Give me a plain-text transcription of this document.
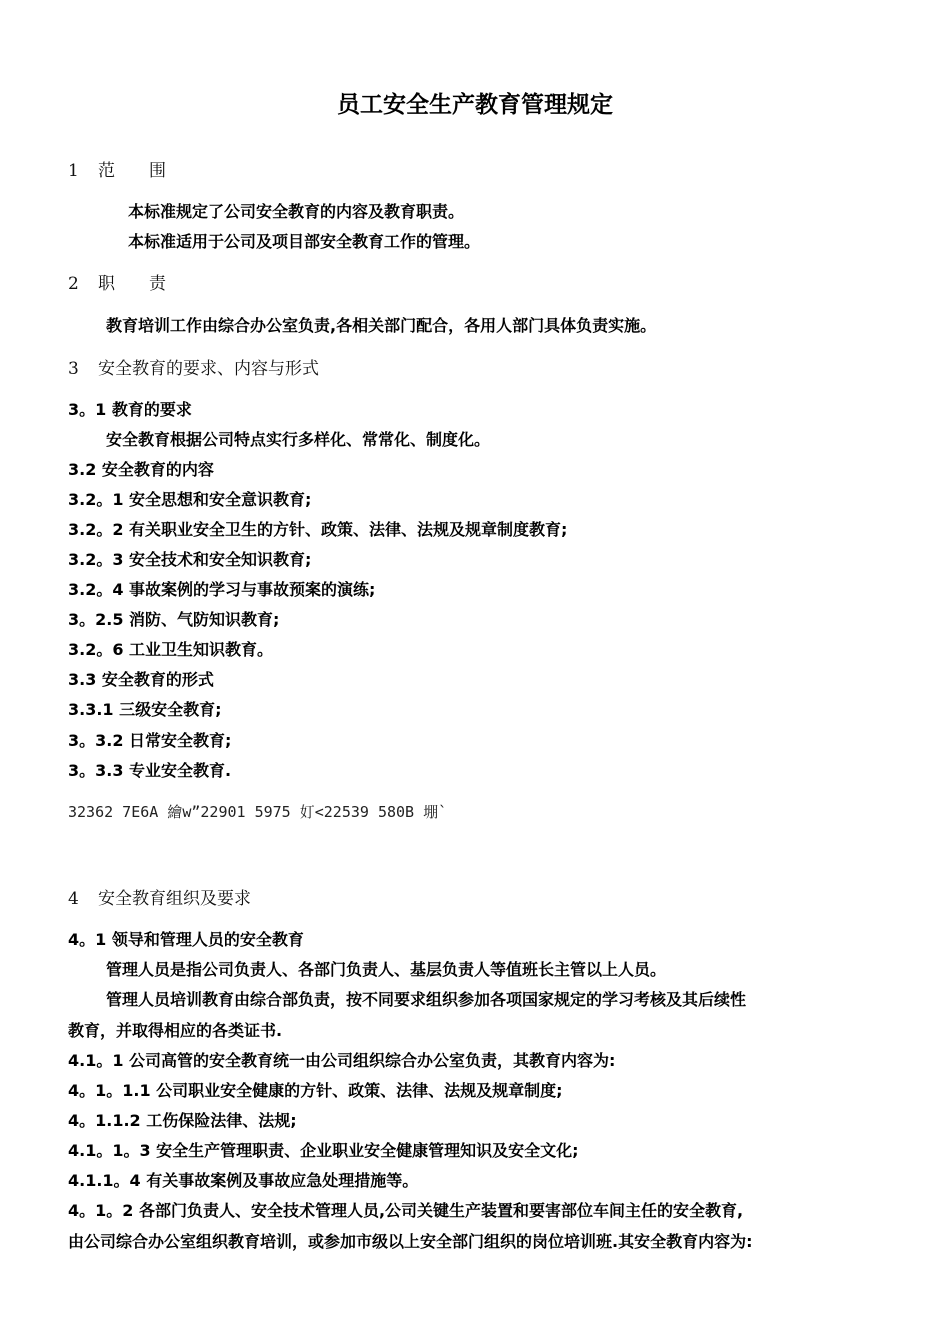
员工安全生产教育管理规定
1 范　　围
本标准规定了公司安全教育的内容及教育职责。
本标准适用于公司及项目部安全教育工作的管理。
2 职　　责
教育培训工作由综合办公室负责,各相关部门配合，各用人部门具体负责实施。
3 安全教育的要求、内容与形式
3。1 教育的要求
安全教育根据公司特点实行多样化、常常化、制度化。
3.2 安全教育的内容
3.2。1 安全思想和安全意识教育;
3.2。2 有关职业安全卫生的方针、政策、法律、法规及规章制度教育;
3.2。3 安全技术和安全知识教育;
3.2。4 事故案例的学习与事故预案的演练;
3。2.5 消防、气防知识教育;
3.2。6 工业卫生知识教育。
3.3 安全教育的形式
3.3.1 三级安全教育;
3。3.2 日常安全教育;
3。3.3 专业安全教育.
32362 7E6A 繪w”22901 5975 奵<22539 580B 堋`
4 安全教育组织及要求
4。1 领导和管理人员的安全教育
管理人员是指公司负责人、各部门负责人、基层负责人等值班长主管以上人员。
管理人员培训教育由综合部负责，按不同要求组织参加各项国家规定的学习考核及其后续性
教育，并取得相应的各类证书.
4.1。1 公司高管的安全教育统一由公司组织综合办公室负责，其教育内容为:
4。1。1.1 公司职业安全健康的方针、政策、法律、法规及规章制度;
4。1.1.2 工伤保险法律、法规;
4.1。1。3 安全生产管理职责、企业职业安全健康管理知识及安全文化;
4.1.1。4 有关事故案例及事故应急处理措施等。
4。1。2 各部门负责人、安全技术管理人员,公司关键生产装置和要害部位车间主任的安全教育,
由公司综合办公室组织教育培训，或参加市级以上安全部门组织的岗位培训班.其安全教育内容为:
